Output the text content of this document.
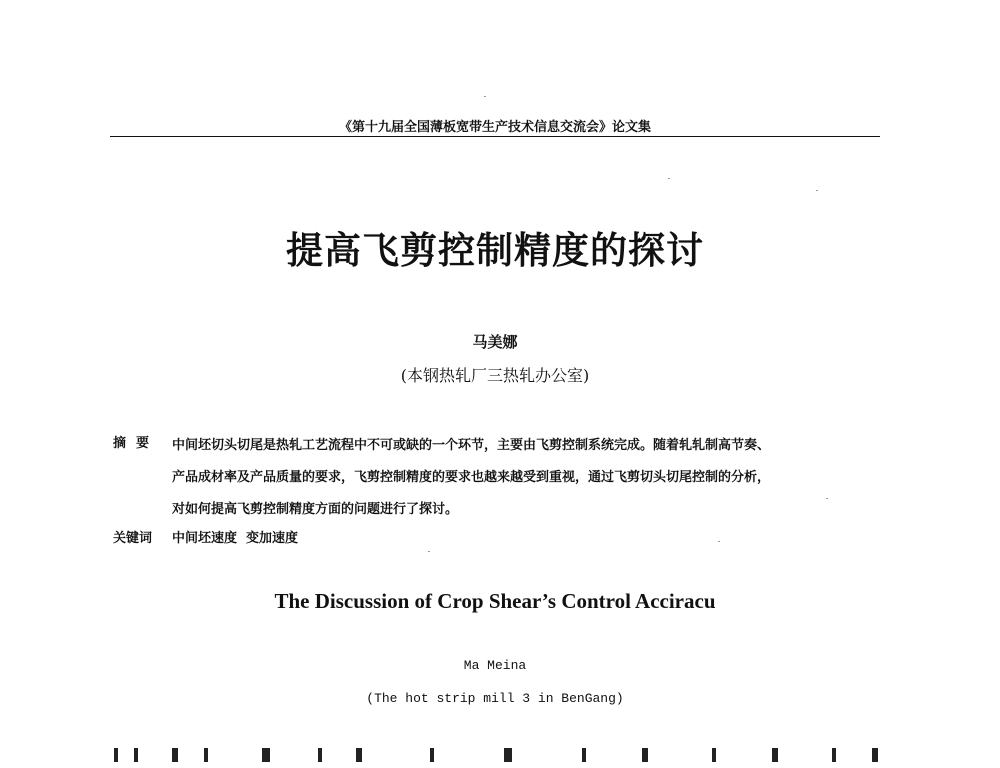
《第十九届全国薄板宽带生产技术信息交流会》论文集
提高飞剪控制精度的探讨
马美娜
(本钢热轧厂三热轧办公室)
摘要 中间坯切头切尾是热轧工艺流程中不可或缺的一个环节，主要由飞剪控制系统完成。随着轧轧制高节奏、
产品成材率及产品质量的要求，飞剪控制精度的要求也越来越受到重视，通过飞剪切头切尾控制的分析，
对如何提高飞剪控制精度方面的问题进行了探讨。
关键词 中间坯速度  变加速度
The Discussion of Crop Shear’s Control Acciracu
Ma Meina
(The hot strip mill 3 in BenGang)
